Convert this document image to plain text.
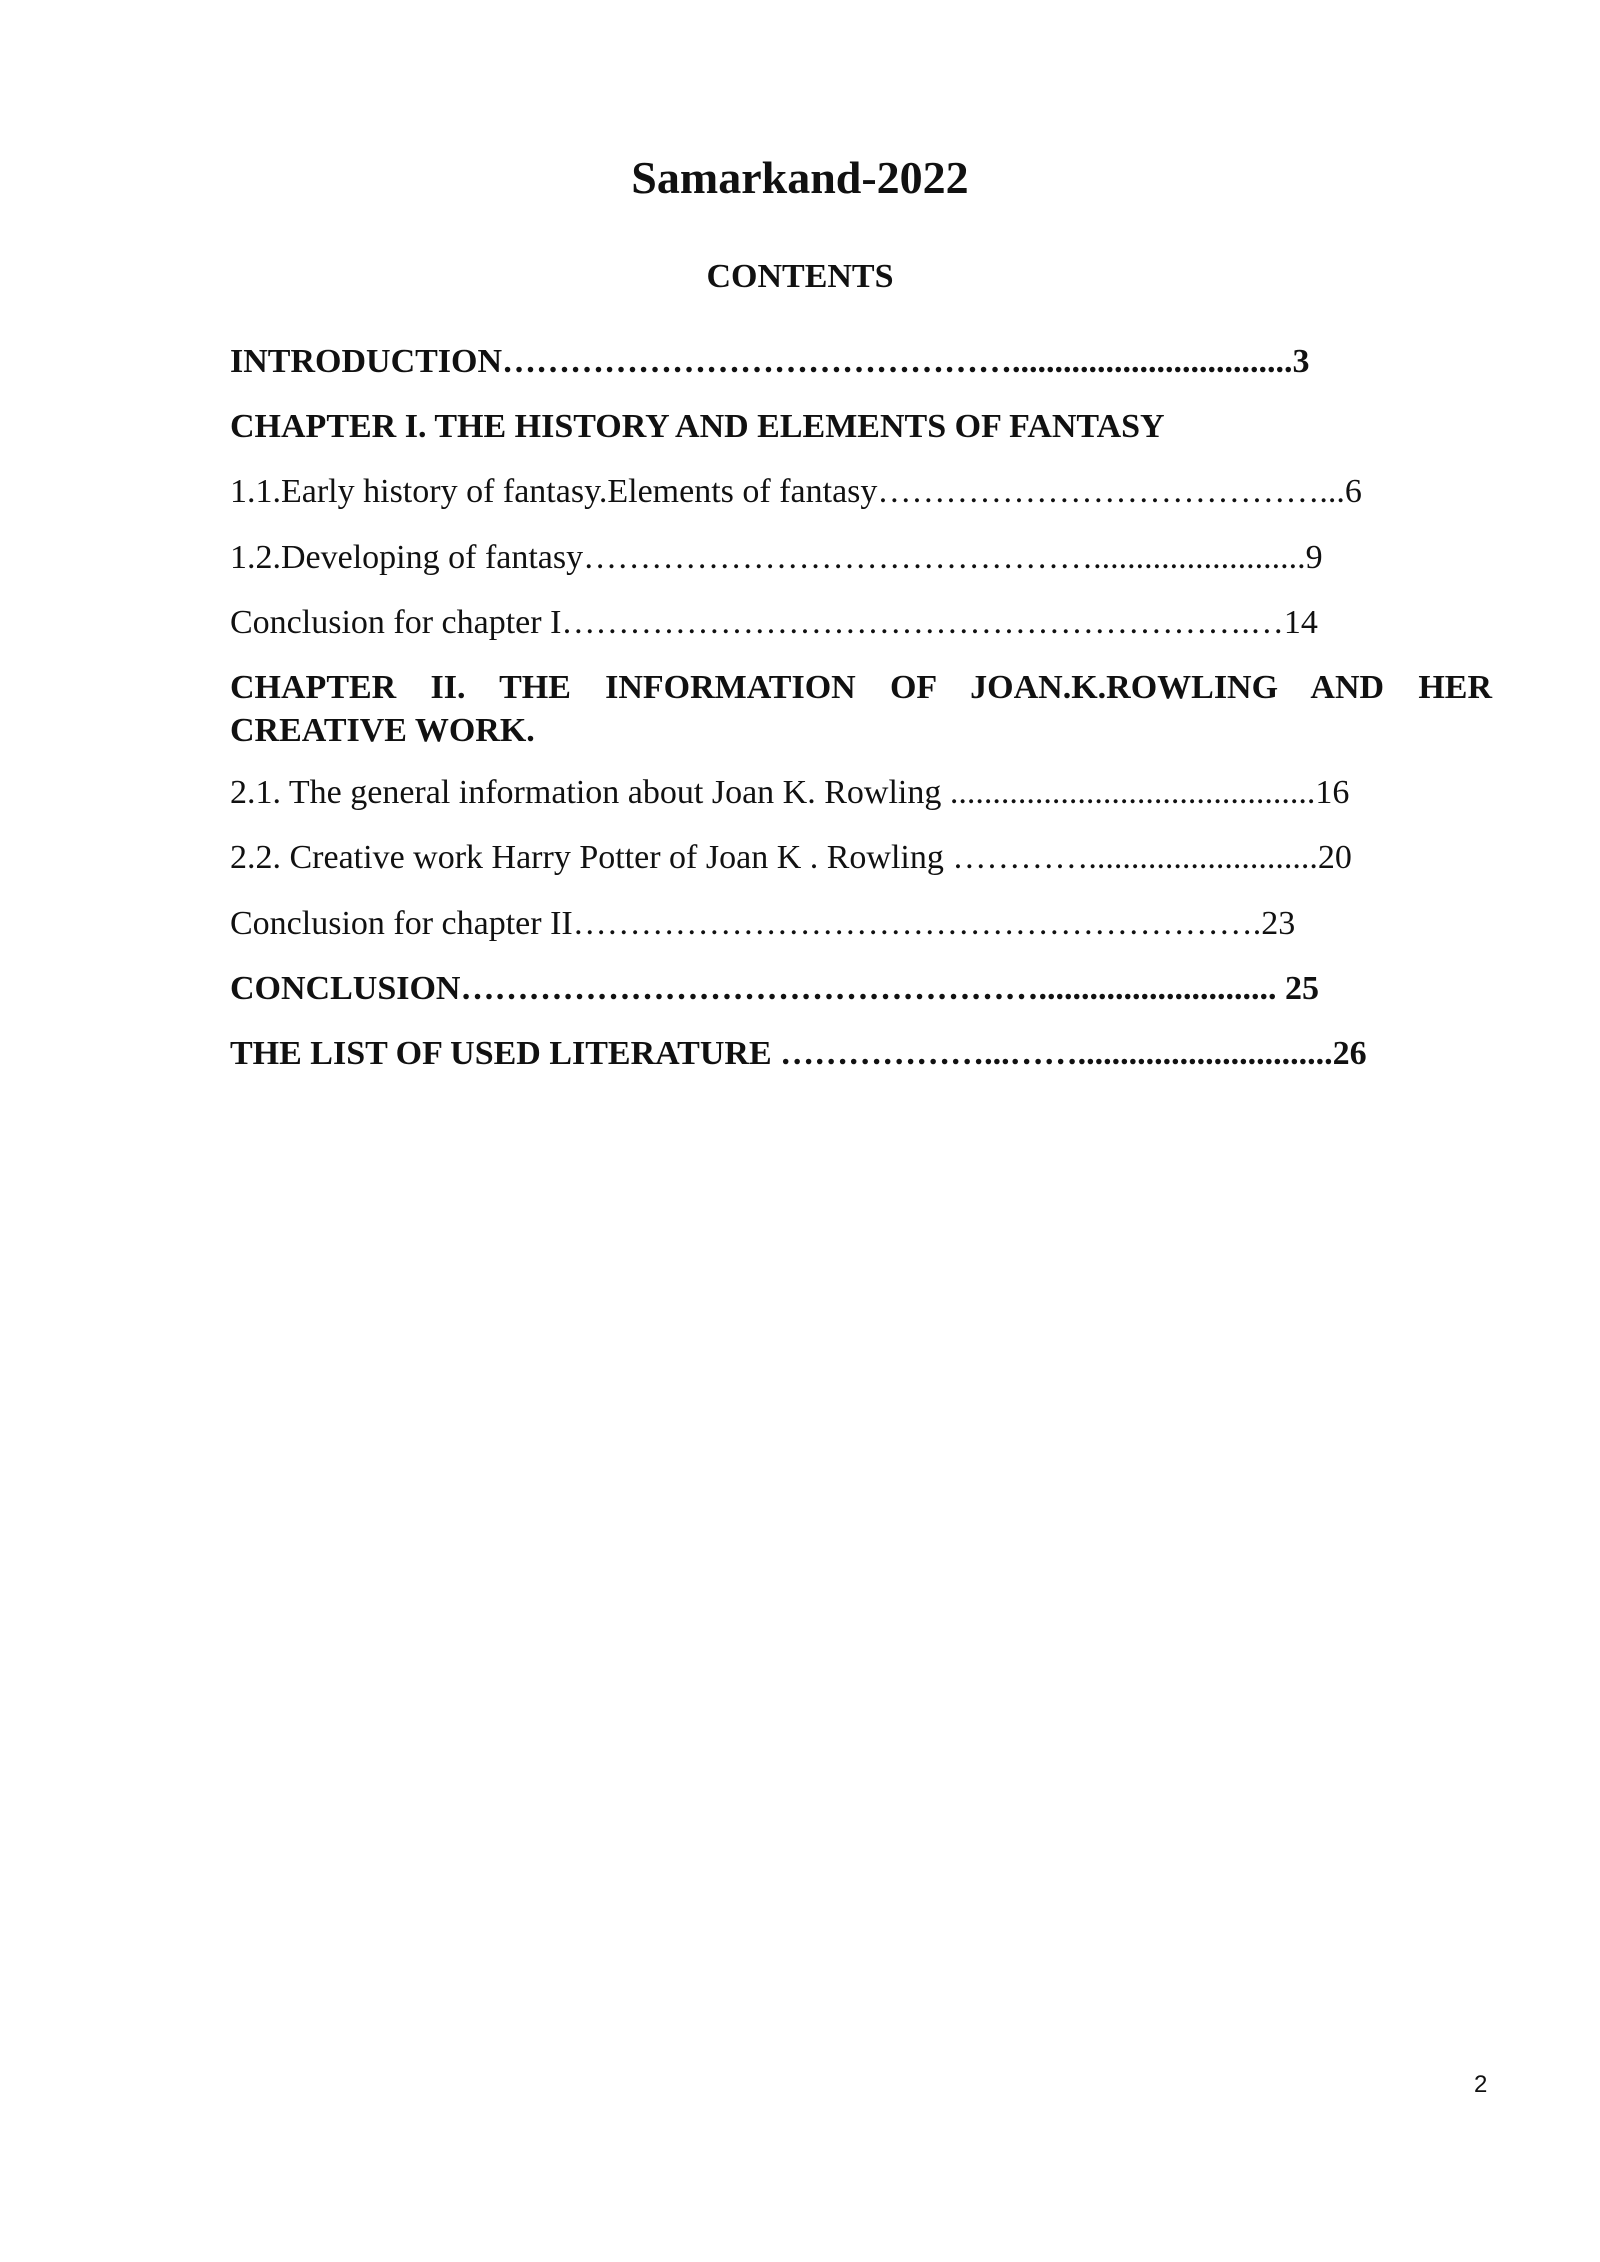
Samarkand-2022
CONTENTS
INTRODUCTION……………………………………….................................3
CHAPTER I. THE HISTORY AND ELEMENTS OF FANTASY
1.1.Early history of fantasy.Elements of fantasy…………………………………...6
1.2.Developing of fantasy……………………………………….........................9
Conclusion for chapter I…………………………………………………….…14
CHAPTER II. THE INFORMATION OF JOAN.K.ROWLING AND HER CREATIVE WORK.
2.1. The general information about Joan K. Rowling ...........................................16
2.2. Creative work Harry Potter of Joan K . Rowling …………...........................20
Conclusion for chapter II…………………………………………………….23
CONCLUSION……………………………………………............................ 25
THE LIST OF USED LITERATURE ………………...……..............................26
2
